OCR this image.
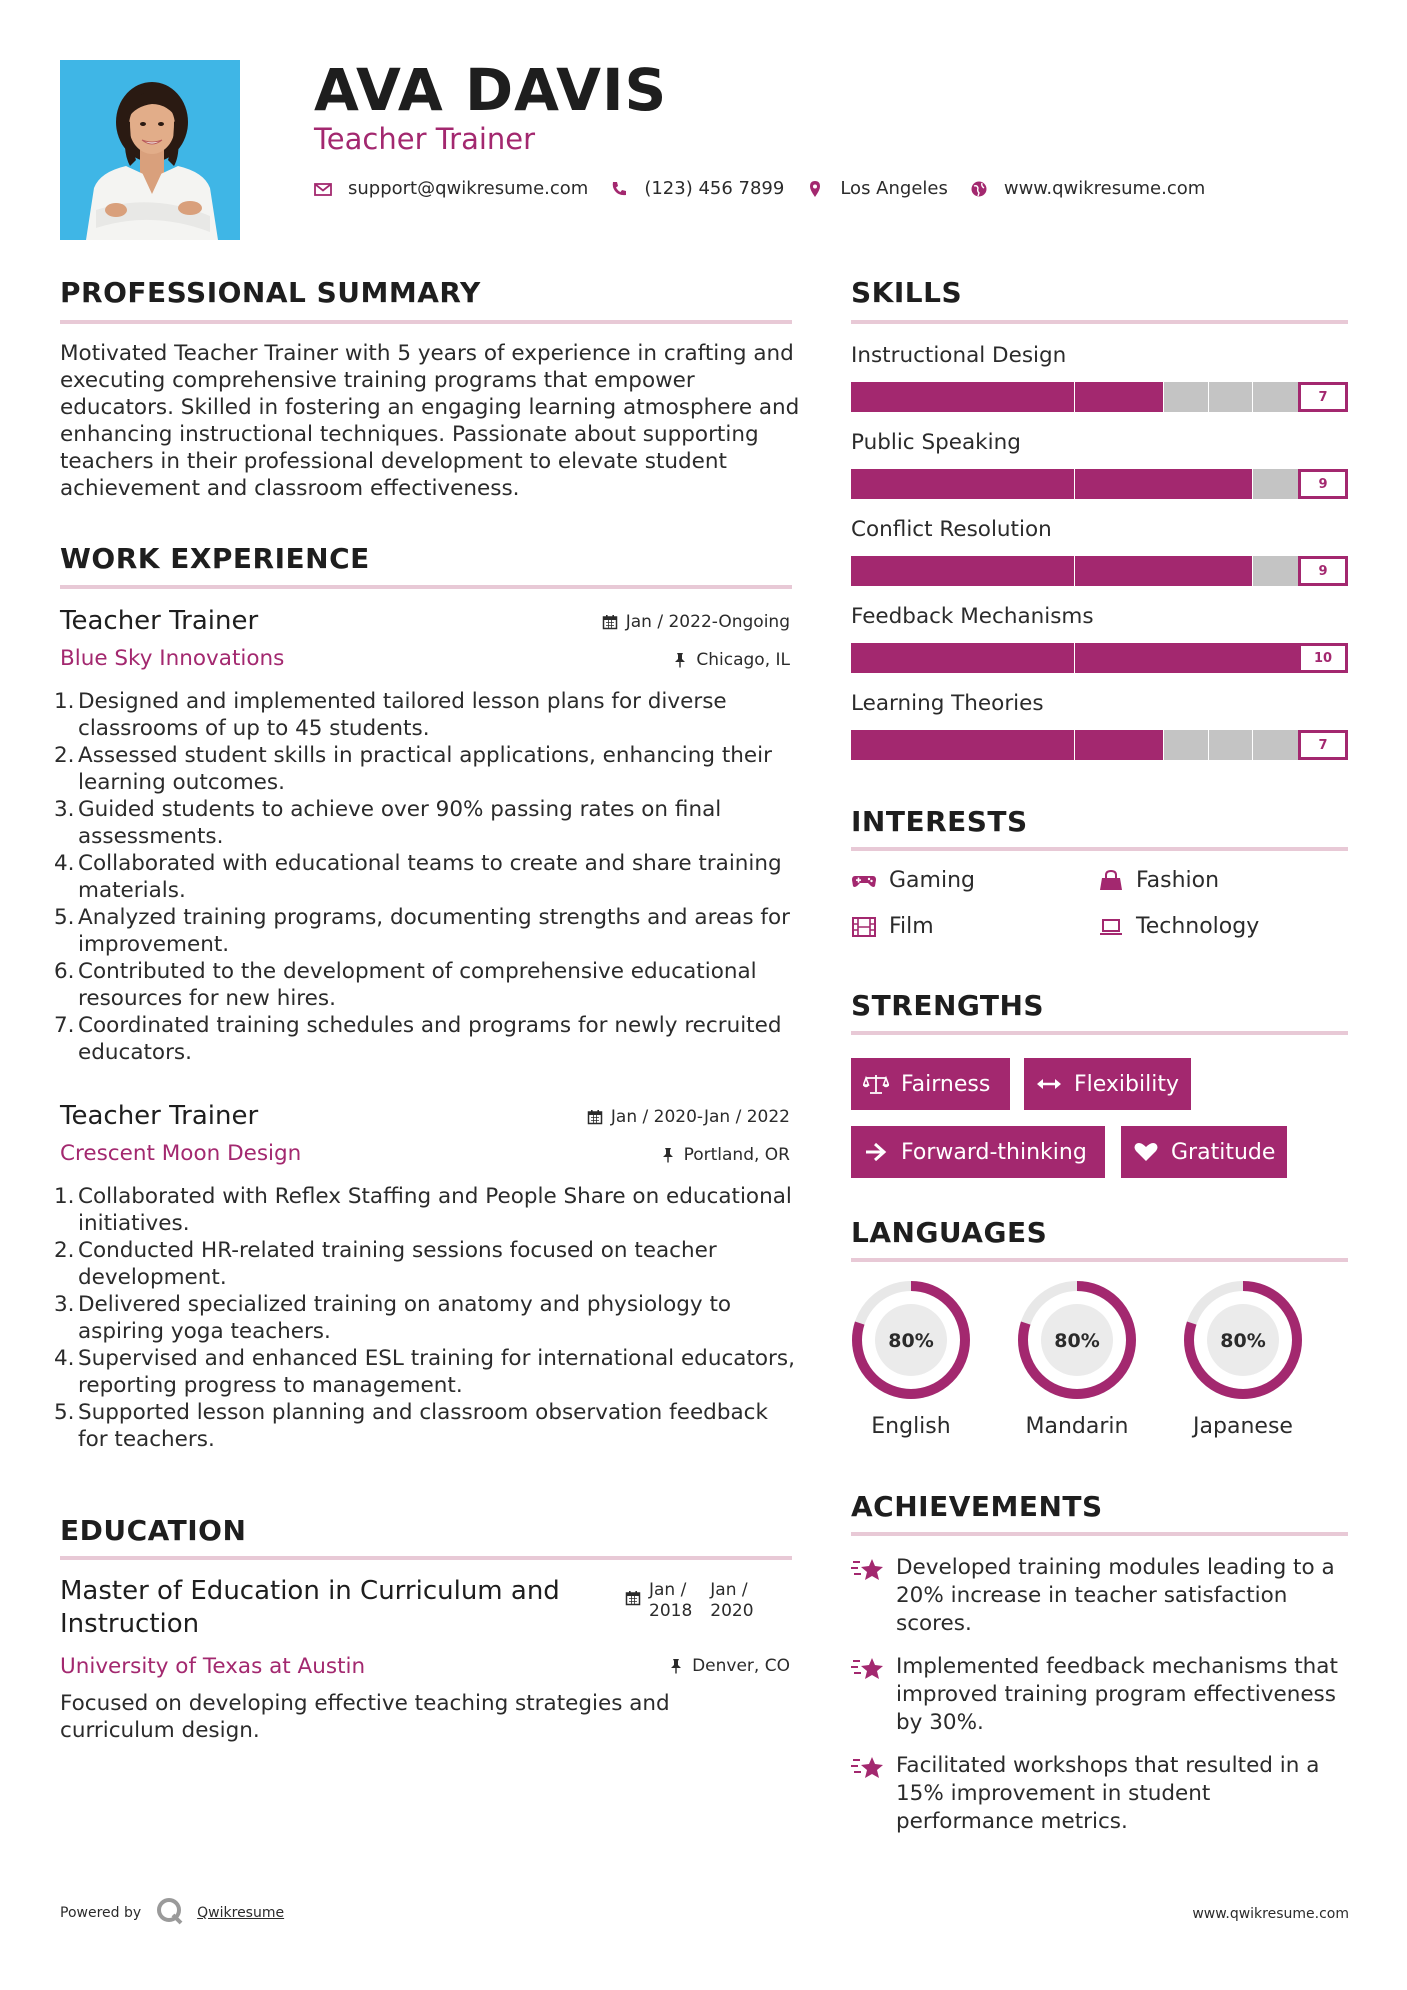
AVA DAVIS
Teacher Trainer
support@qwikresume.com	(123) 456 7899	Los Angeles	www.qwikresume.com
PROFESSIONAL SUMMARY
Motivated Teacher Trainer with 5 years of experience in crafting and executing comprehensive training programs that empower educators. Skilled in fostering an engaging learning atmosphere and enhancing instructional techniques. Passionate about supporting teachers in their professional development to elevate student achievement and classroom effectiveness.
WORK EXPERIENCE
Teacher Trainer	Jan / 2022-Ongoing
Blue Sky Innovations	Chicago, IL
1. Designed and implemented tailored lesson plans for diverse classrooms of up to 45 students.
2. Assessed student skills in practical applications, enhancing their learning outcomes.
3. Guided students to achieve over 90% passing rates on final assessments.
4. Collaborated with educational teams to create and share training materials.
5. Analyzed training programs, documenting strengths and areas for improvement.
6. Contributed to the development of comprehensive educational resources for new hires.
7. Coordinated training schedules and programs for newly recruited educators.
Teacher Trainer	Jan / 2020-Jan / 2022
Crescent Moon Design	Portland, OR
1. Collaborated with Reflex Staffing and People Share on educational initiatives.
2. Conducted HR-related training sessions focused on teacher development.
3. Delivered specialized training on anatomy and physiology to aspiring yoga teachers.
4. Supervised and enhanced ESL training for international educators, reporting progress to management.
5. Supported lesson planning and classroom observation feedback for teachers.
EDUCATION
Master of Education in Curriculum and Instruction
Jan /
2018
Jan /
2020
University of Texas at Austin	Denver, CO
Focused on developing effective teaching strategies and curriculum design.
SKILLS
Instructional Design
7
Public Speaking
9
Conflict Resolution
9
Feedback Mechanisms
10
Learning Theories
7
INTERESTS
Gaming	Fashion
Film	Technology
STRENGTHS
Fairness	Flexibility
Forward-thinking	Gratitude
LANGUAGES
80%
English
80%
Mandarin
80%
Japanese
ACHIEVEMENTS
Developed training modules leading to a 20% increase in teacher satisfaction scores.
Implemented feedback mechanisms that improved training program effectiveness by 30%.
Facilitated workshops that resulted in a 15% improvement in student performance metrics.
Powered by	Qwikresume	www.qwikresume.com
